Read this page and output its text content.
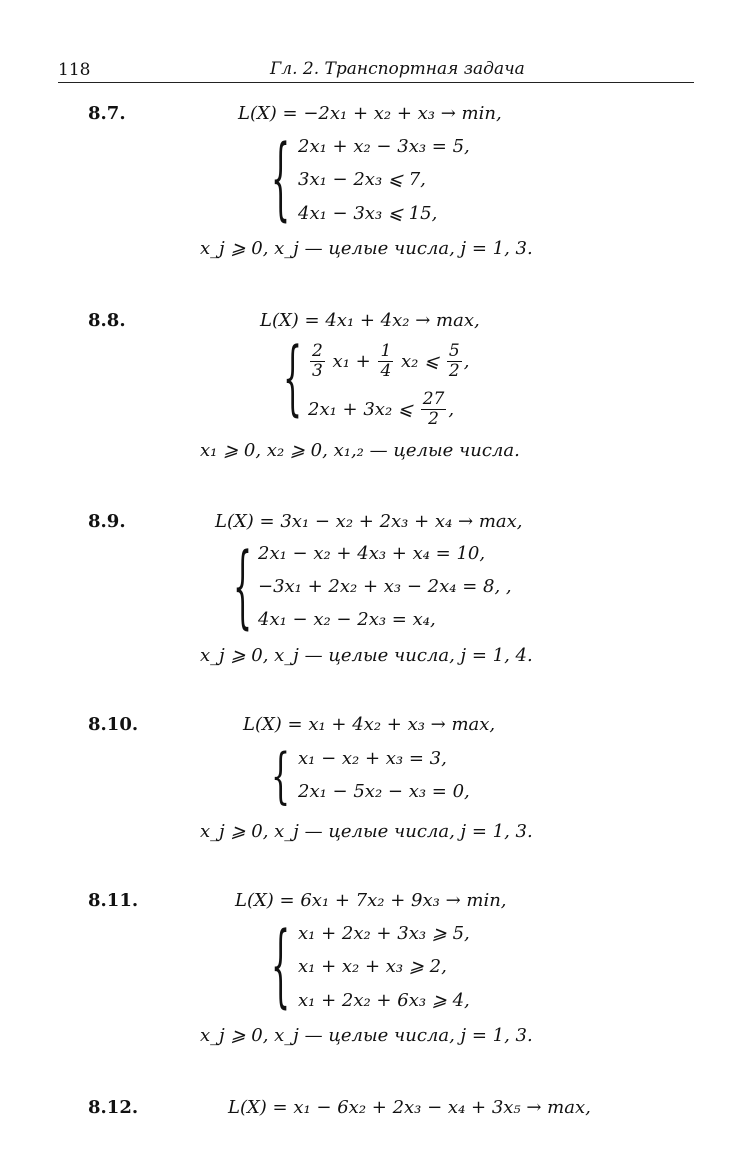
118	Гл. 2. Транспортная задача
8.7.	L(X) = −2x₁ + x₂ + x₃ → min,
{ 2x₁ + x₂ − 3x₃ = 5,
3x₁ − 2x₃ ⩽ 7,
4x₁ − 3x₃ ⩽ 15,
x_j ⩾ 0, x_j — целые числа, j = 1, 3.
8.8.	L(X) = 4x₁ + 4x₂ → max,
{ $\frac{2}{3} x_1 + \frac{1}{4} x_2$ ⩽ $\frac{5}{2}$ ,
2x₁ + 3x₂ ⩽
$\frac{27}{2}$ ,
x₁ ⩾ 0, x₂ ⩾ 0, x₁,₂ — целые числа.
8.9.	L(X) = 3x₁ − x₂ + 2x₃ + x₄ → max,
{ 2x₁ − x₂ + 4x₃ + x₄ = 10,
−3x₁ + 2x₂ + x₃ − 2x₄ = 8, ,
4x₁ − x₂ − 2x₃ = x₄,
x_j ⩾ 0, x_j — целые числа, j = 1, 4.
8.10.	L(X) = x₁ + 4x₂ + x₃ → max,
{ x₁ − x₂ + x₃ = 3,
2x₁ − 5x₂ − x₃ = 0,
x_j ⩾ 0, x_j — целые числа, j = 1, 3.
8.11.	L(X) = 6x₁ + 7x₂ + 9x₃ → min,
{ x₁ + 2x₂ + 3x₃ ⩾ 5,
x₁ + x₂ + x₃ ⩾ 2,
x₁ + 2x₂ + 6x₃ ⩾ 4,
x_j ⩾ 0, x_j — целые числа, j = 1, 3.
8.12.	L(X) = x₁ − 6x₂ + 2x₃ − x₄ + 3x₅ → max,
